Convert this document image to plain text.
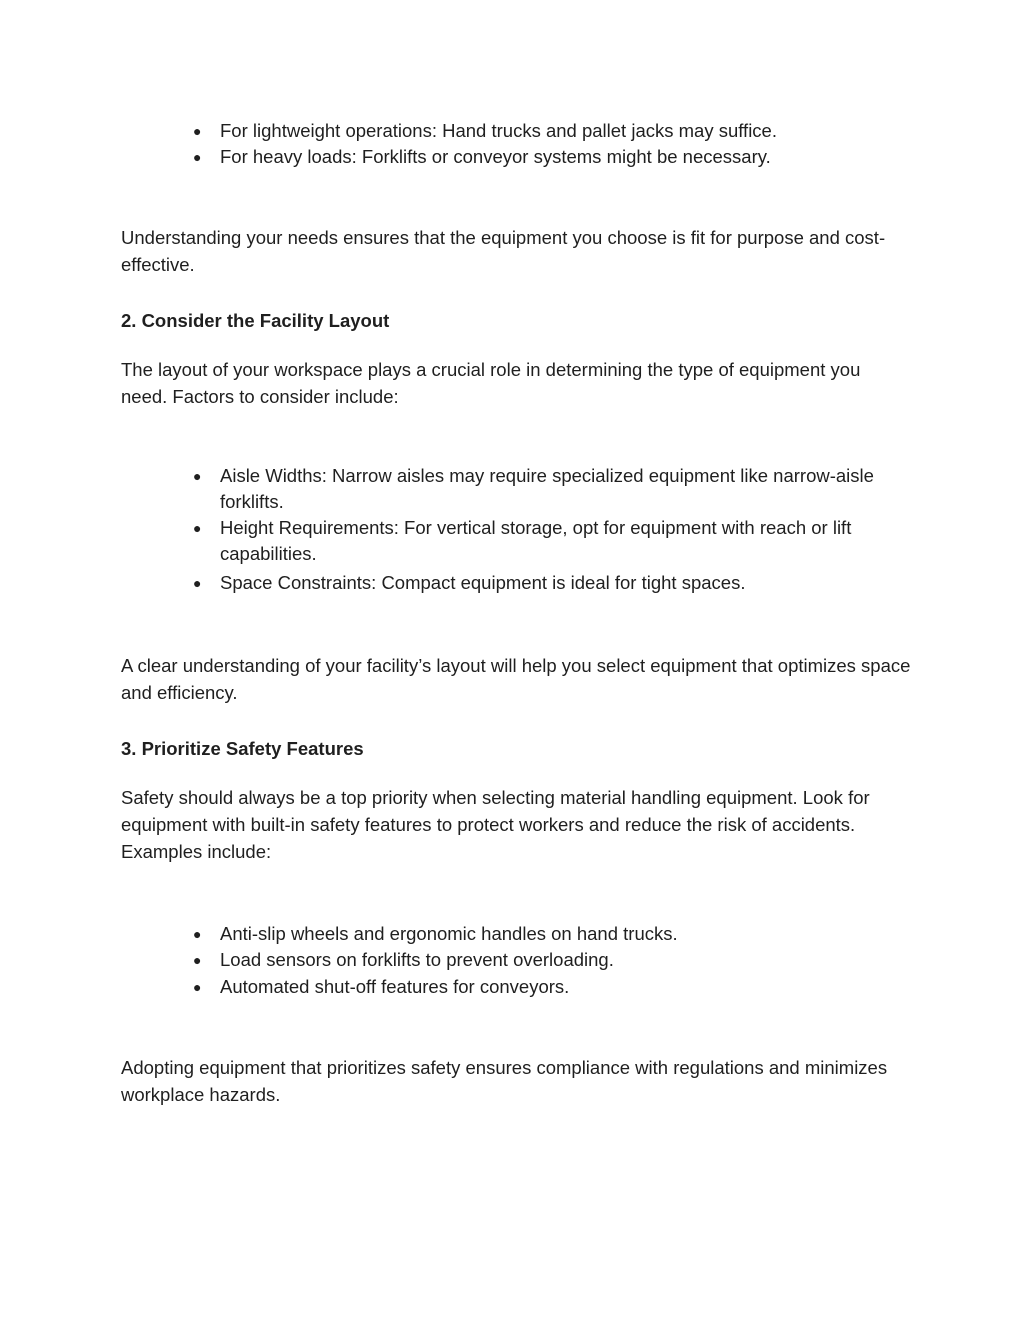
● For lightweight operations: Hand trucks and pallet jacks may suffice.
● For heavy loads: Forklifts or conveyor systems might be necessary.

Understanding your needs ensures that the equipment you choose is fit for purpose and cost-effective.

2. Consider the Facility Layout

The layout of your workspace plays a crucial role in determining the type of equipment you need. Factors to consider include:

● Aisle Widths: Narrow aisles may require specialized equipment like narrow-aisle forklifts.
● Height Requirements: For vertical storage, opt for equipment with reach or lift capabilities.
● Space Constraints: Compact equipment is ideal for tight spaces.

A clear understanding of your facility’s layout will help you select equipment that optimizes space and efficiency.

3. Prioritize Safety Features

Safety should always be a top priority when selecting material handling equipment. Look for equipment with built-in safety features to protect workers and reduce the risk of accidents. Examples include:

● Anti-slip wheels and ergonomic handles on hand trucks.
● Load sensors on forklifts to prevent overloading.
● Automated shut-off features for conveyors.

Adopting equipment that prioritizes safety ensures compliance with regulations and minimizes workplace hazards.
